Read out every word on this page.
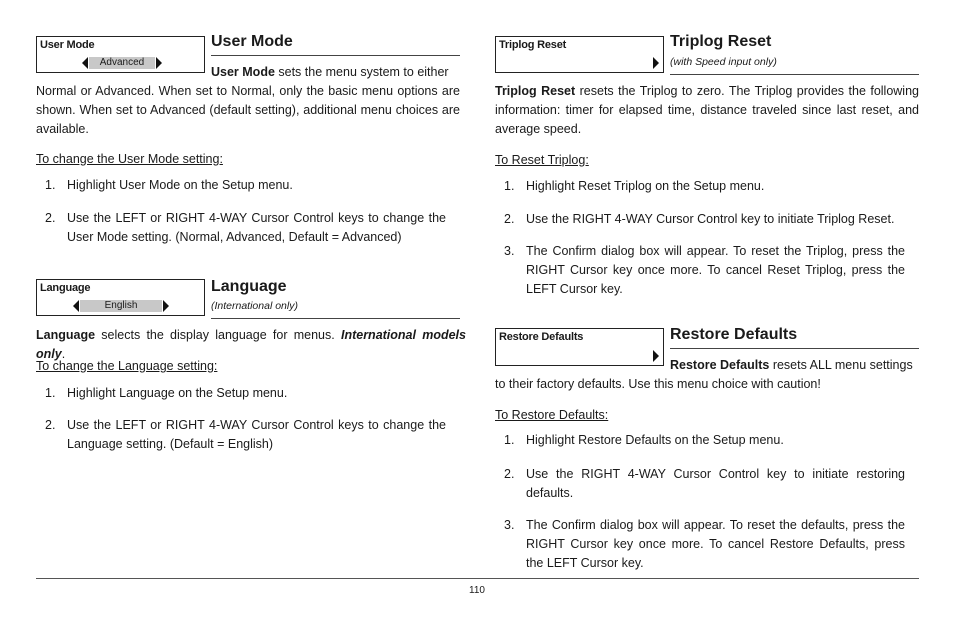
User Mode
Advanced
User Mode
User Mode sets the menu system to either
Normal or Advanced. When set to Normal, only the basic menu options are shown. When set to Advanced (default setting), additional menu choices are available.
To change the User Mode setting:
1. Highlight User Mode on the Setup menu.
2. Use the LEFT or RIGHT 4-WAY Cursor Control keys to change the User Mode setting. (Normal, Advanced, Default = Advanced)
Language
English
Language
(International only)
Language selects the display language for menus. International models only.
To change the Language setting:
1. Highlight Language on the Setup menu.
2. Use the LEFT or RIGHT 4-WAY Cursor Control keys to change the Language setting. (Default = English)
Triplog Reset	Triplog Reset
(with Speed input only)
Triplog Reset resets the Triplog to zero. The Triplog provides the following information: timer for elapsed time, distance traveled since last reset, and average speed.
To Reset Triplog:
1. Highlight Reset Triplog on the Setup menu.
2. Use the RIGHT 4-WAY Cursor Control key to initiate Triplog Reset.
3. The Confirm dialog box will appear. To reset the Triplog, press the RIGHT Cursor key once more. To cancel Reset Triplog, press the LEFT Cursor key.
Restore Defaults	Restore Defaults
Restore Defaults resets ALL menu settings
to their factory defaults. Use this menu choice with caution!
To Restore Defaults:
1. Highlight Restore Defaults on the Setup menu.
2. Use the RIGHT 4-WAY Cursor Control key to initiate restoring defaults.
3. The Confirm dialog box will appear. To reset the defaults, press the RIGHT Cursor key once more. To cancel Restore Defaults, press the LEFT Cursor key.
110
